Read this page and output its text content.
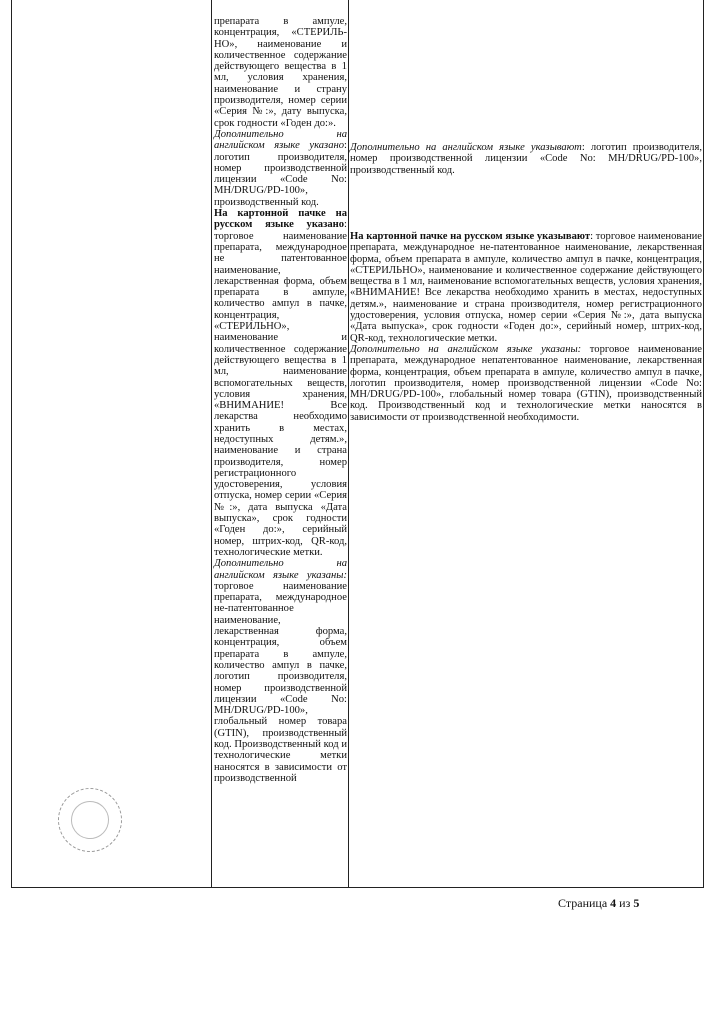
препарата в ампуле, концентрация, «СТЕРИЛЬ-НО», наименование и количественное содержание действующего вещества в 1 мл, условия хранения, наименование и страну производителя, номер серии «Серия №:», дату выпуска, срок годности «Годен до:».

Дополнительно на английском языке указано: логотип производителя, номер производственной лицензии «Code No: MH/DRUG/PD-100», производственный код.

На картонной пачке на русском языке указано: торговое наименование препарата, международное не патентованное наименование, лекарственная форма, объем препарата в ампуле, количество ампул в пачке, концентрация, «СТЕРИЛЬНО», наименование и количественное содержание действующего вещества в 1 мл, наименование вспомогательных веществ, условия хранения, «ВНИМАНИЕ! Все лекарства необходимо хранить в местах, недоступных детям.», наименование и страна производителя, номер регистрационного удостоверения, условия отпуска, номер серии «Серия №:», дата выпуска «Дата выпуска», срок годности «Годен до:», серийный номер, штрих-код, QR-код, технологические метки.

Дополнительно на английском языке указаны: торговое наименование препарата, международное не-патентованное наименование, лекарственная форма, концентрация, объем препарата в ампуле, количество ампул в пачке, логотип производителя, номер производственной лицензии «Code No: MH/DRUG/PD-100», глобальный номер товара (GTIN), производственный код. Производственный код и технологические метки наносятся в зависимости от производственной

Дополнительно на английском языке указывают: логотип производителя, номер производственной лицензии «Code No: MH/DRUG/PD-100», производственный код.

На картонной пачке на русском языке указывают: торговое наименование препарата, международное не-патентованное наименование, лекарственная форма, объем препарата в ампуле, количество ампул в пачке, концентрация, «СТЕРИЛЬНО», наименование и количественное содержание действующего вещества в 1 мл, наименование вспомогательных веществ, условия хранения, «ВНИМАНИЕ! Все лекарства необходимо хранить в местах, недоступных детям.», наименование и страна производителя, номер регистрационного удостоверения, условия отпуска, номер серии «Серия №:», дата выпуска «Дата выпуска», срок годности «Годен до:», серийный номер, штрих-код, QR-код, технологические метки.

Дополнительно на английском языке указаны: торговое наименование препарата, международное непатентованное наименование, лекарственная форма, концентрация, объем препарата в ампуле, количество ампул в пачке, логотип производителя, номер производственной лицензии «Code No: MH/DRUG/PD-100», глобальный номер товара (GTIN), производственный код. Производственный код и технологические метки наносятся в зависимости от производственной необходимости.

Страница 4 из 5
